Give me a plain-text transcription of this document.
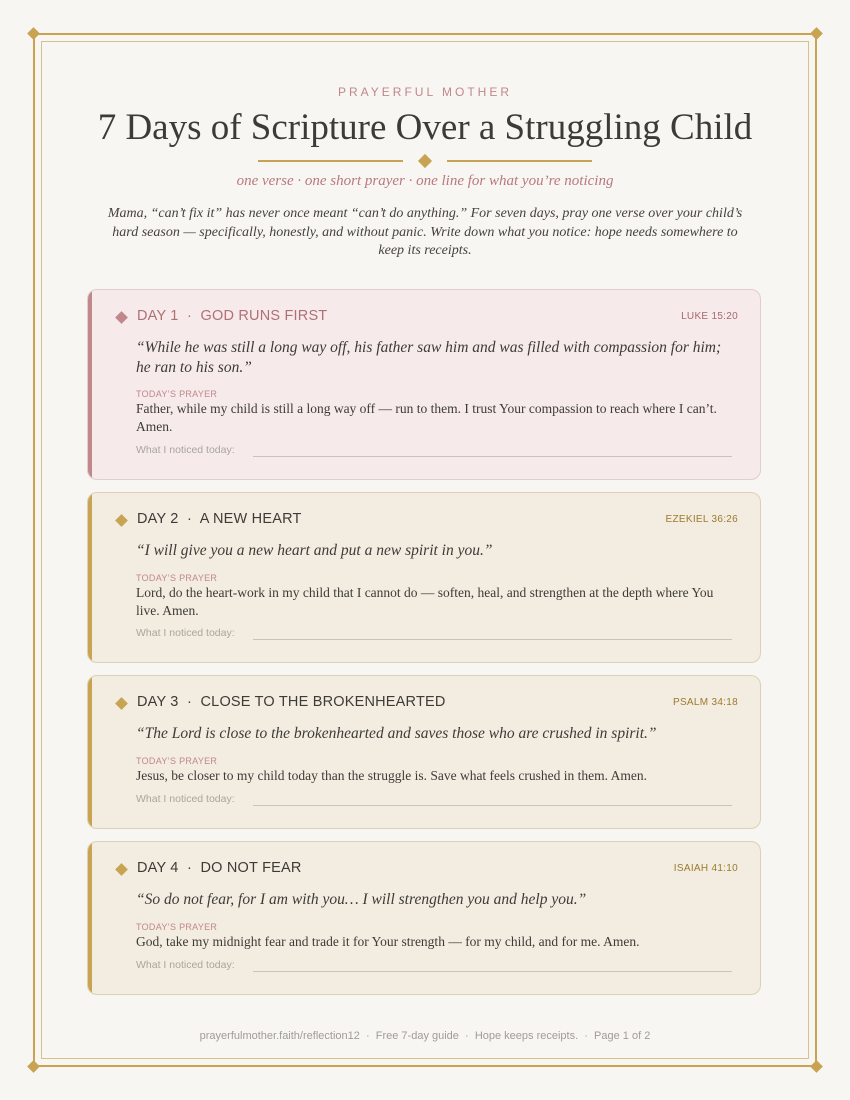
PRAYERFUL MOTHER
7 Days of Scripture Over a Struggling Child
one verse · one short prayer · one line for what you’re noticing

Mama, “can’t fix it” has never once meant “can’t do anything.” For seven days, pray one verse over your child’s hard season — specifically, honestly, and without panic. Write down what you notice: hope needs somewhere to keep its receipts.

DAY 1  ·  GOD RUNS FIRST	LUKE 15:20
“While he was still a long way off, his father saw him and was filled with compassion for him; he ran to his son.”
TODAY’S PRAYER
Father, while my child is still a long way off — run to them. I trust Your compassion to reach where I can’t. Amen.
What I noticed today:
DAY 2  ·  A NEW HEART	EZEKIEL 36:26
“I will give you a new heart and put a new spirit in you.”
TODAY’S PRAYER
Lord, do the heart-work in my child that I cannot do — soften, heal, and strengthen at the depth where You live. Amen.
What I noticed today:
DAY 3  ·  CLOSE TO THE BROKENHEARTED	PSALM 34:18
“The Lord is close to the brokenhearted and saves those who are crushed in spirit.”
TODAY’S PRAYER
Jesus, be closer to my child today than the struggle is. Save what feels crushed in them. Amen.
What I noticed today:
DAY 4  ·  DO NOT FEAR	ISAIAH 41:10
“So do not fear, for I am with you… I will strengthen you and help you.”
TODAY’S PRAYER
God, take my midnight fear and trade it for Your strength — for my child, and for me. Amen.
What I noticed today:
prayerfulmother.faith/reflection12  ·  Free 7-day guide  ·  Hope keeps receipts.  ·  Page 1 of 2
